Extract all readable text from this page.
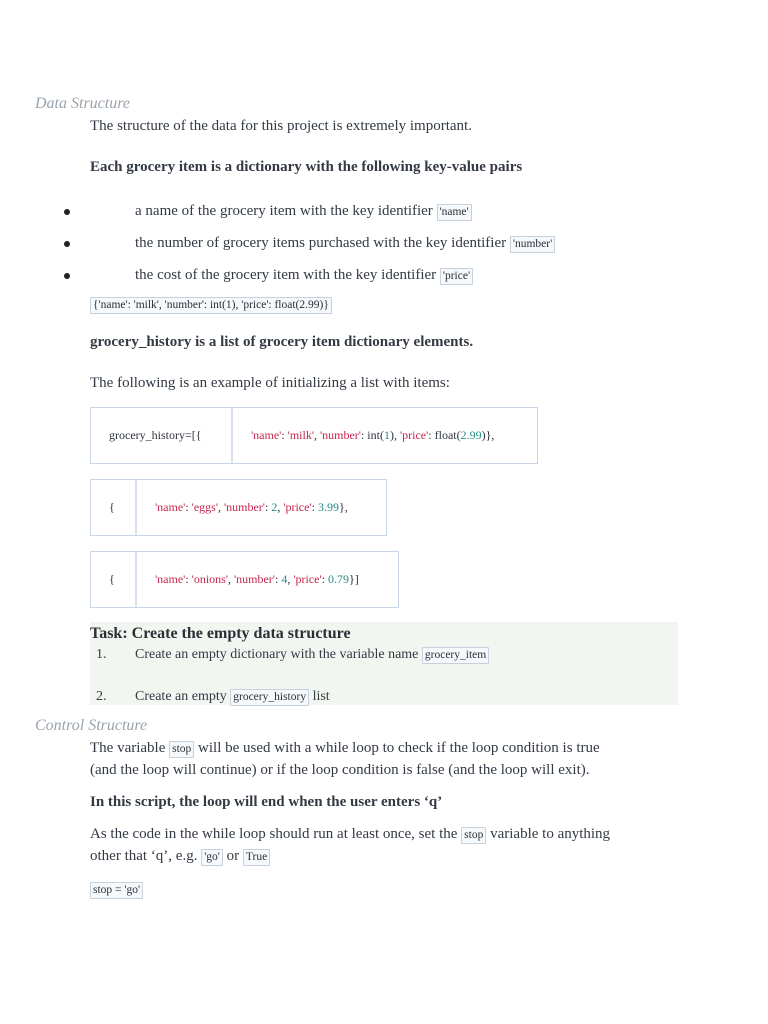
Data Structure
The structure of the data for this project is extremely important.
Each grocery item is a dictionary with the following key-value pairs
a name of the grocery item with the key identifier 'name'
the number of grocery items purchased with the key identifier 'number'
the cost of the grocery item with the key identifier 'price'
{'name': 'milk', 'number': int(1), 'price': float(2.99)}
grocery_history is a list of grocery item dictionary elements.
The following is an example of initializing a list with items:
grocery_history=[{	'name' : 'milk' , 'number' : int( 1 ), 'price' : float( 2.99 )},
{	'name' : 'eggs' , 'number' : 2 , 'price' : 3.99 },
{	'name' : 'onions' , 'number' : 4 , 'price' : 0.79 }]
Task: Create the empty data structure
1. Create an empty dictionary with the variable name grocery_item
2. Create an empty grocery_history list
Control Structure
The variable stop will be used with a while loop to check if the loop condition is true
(and the loop will continue) or if the loop condition is false (and the loop will exit).
In this script, the loop will end when the user enters ‘q’
As the code in the while loop should run at least once, set the stop variable to anything
other that ‘q’, e.g. 'go' or True
stop = 'go'
